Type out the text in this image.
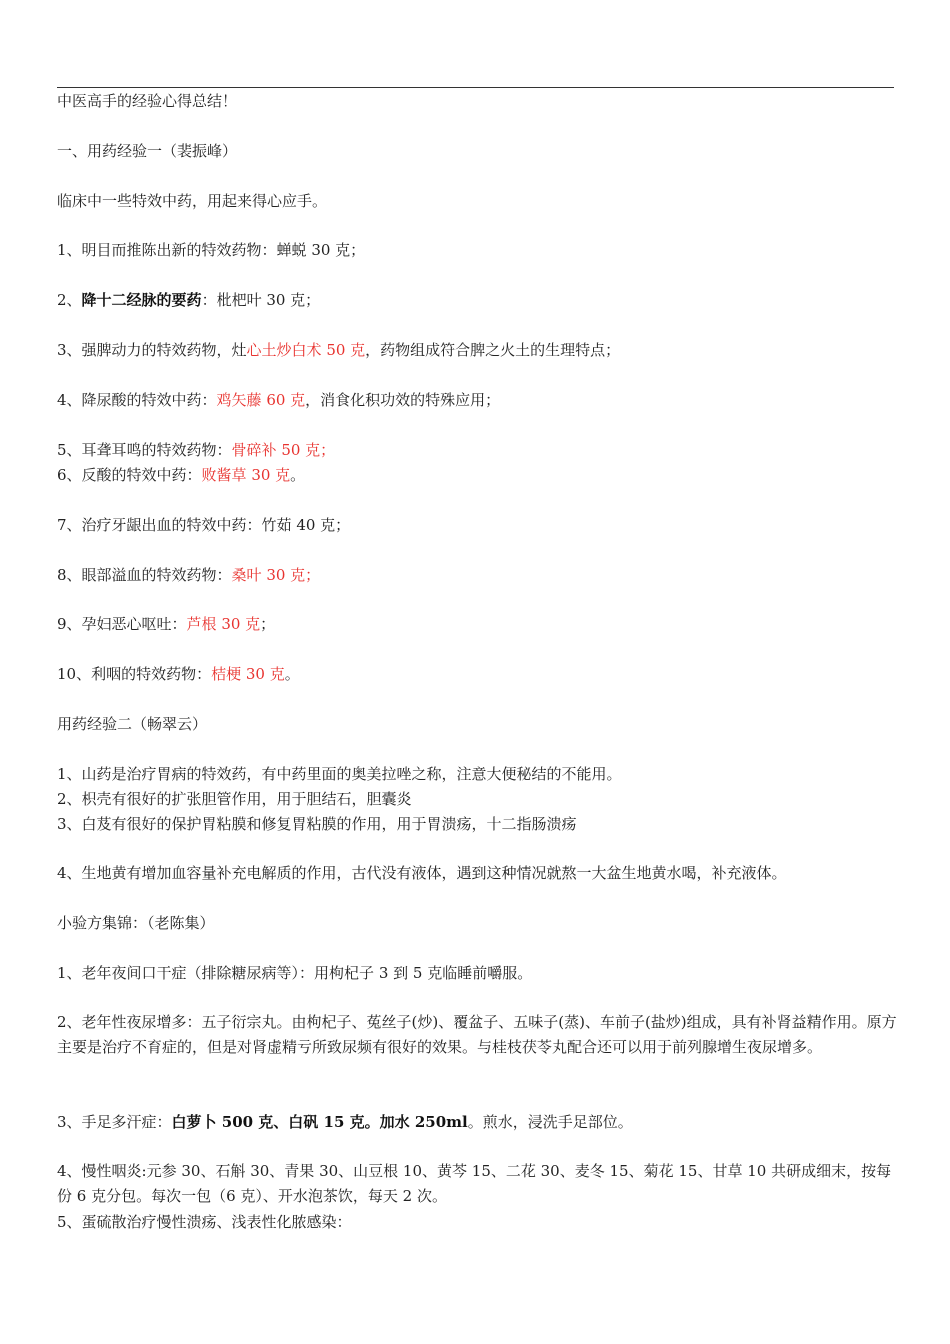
中医高手的经验心得总结！
一、用药经验一（裴振峰）
临床中一些特效中药，用起来得心应手。
1、明目而推陈出新的特效药物：蝉蜕 30 克；
2、降十二经脉的要药：枇杷叶 30 克；
3、强脾动力的特效药物，灶心土炒白术 50 克，药物组成符合脾之火土的生理特点；
4、降尿酸的特效中药：鸡矢藤 60 克，消食化积功效的特殊应用；
5、耳聋耳鸣的特效药物：骨碎补 50 克；
6、反酸的特效中药：败酱草 30 克。
7、治疗牙龈出血的特效中药：竹茹 40 克；
8、眼部溢血的特效药物：桑叶 30 克；
9、孕妇恶心呕吐：芦根 30 克；
10、利咽的特效药物：桔梗 30 克。
用药经验二（畅翠云）
1、山药是治疗胃病的特效药，有中药里面的奥美拉唑之称，注意大便秘结的不能用。
2、枳壳有很好的扩张胆管作用，用于胆结石，胆囊炎
3、白芨有很好的保护胃粘膜和修复胃粘膜的作用，用于胃溃疡，十二指肠溃疡
4、生地黄有增加血容量补充电解质的作用，古代没有液体，遇到这种情况就熬一大盆生地黄水喝，补充液体。
小验方集锦：（老陈集）
1、老年夜间口干症（排除糖尿病等）：用枸杞子 3 到 5 克临睡前嚼服。
2、老年性夜尿增多：五子衍宗丸。由枸杞子、菟丝子(炒)、覆盆子、五味子(蒸)、车前子(盐炒)组成，具有补肾益精作用。原方主要是治疗不育症的，但是对肾虚精亏所致尿频有很好的效果。与桂枝茯苓丸配合还可以用于前列腺增生夜尿增多。
3、手足多汗症：白萝卜 500 克、白矾 15 克。加水 250ml。煎水，浸洗手足部位。
4、慢性咽炎:元参 30、石斛 30、青果 30、山豆根 10、黄芩 15、二花 30、麦冬 15、菊花 15、甘草 10 共研成细末，按每份 6 克分包。每次一包（6 克）、开水泡茶饮，每天 2 次。
5、蛋硫散治疗慢性溃疡、浅表性化脓感染：
